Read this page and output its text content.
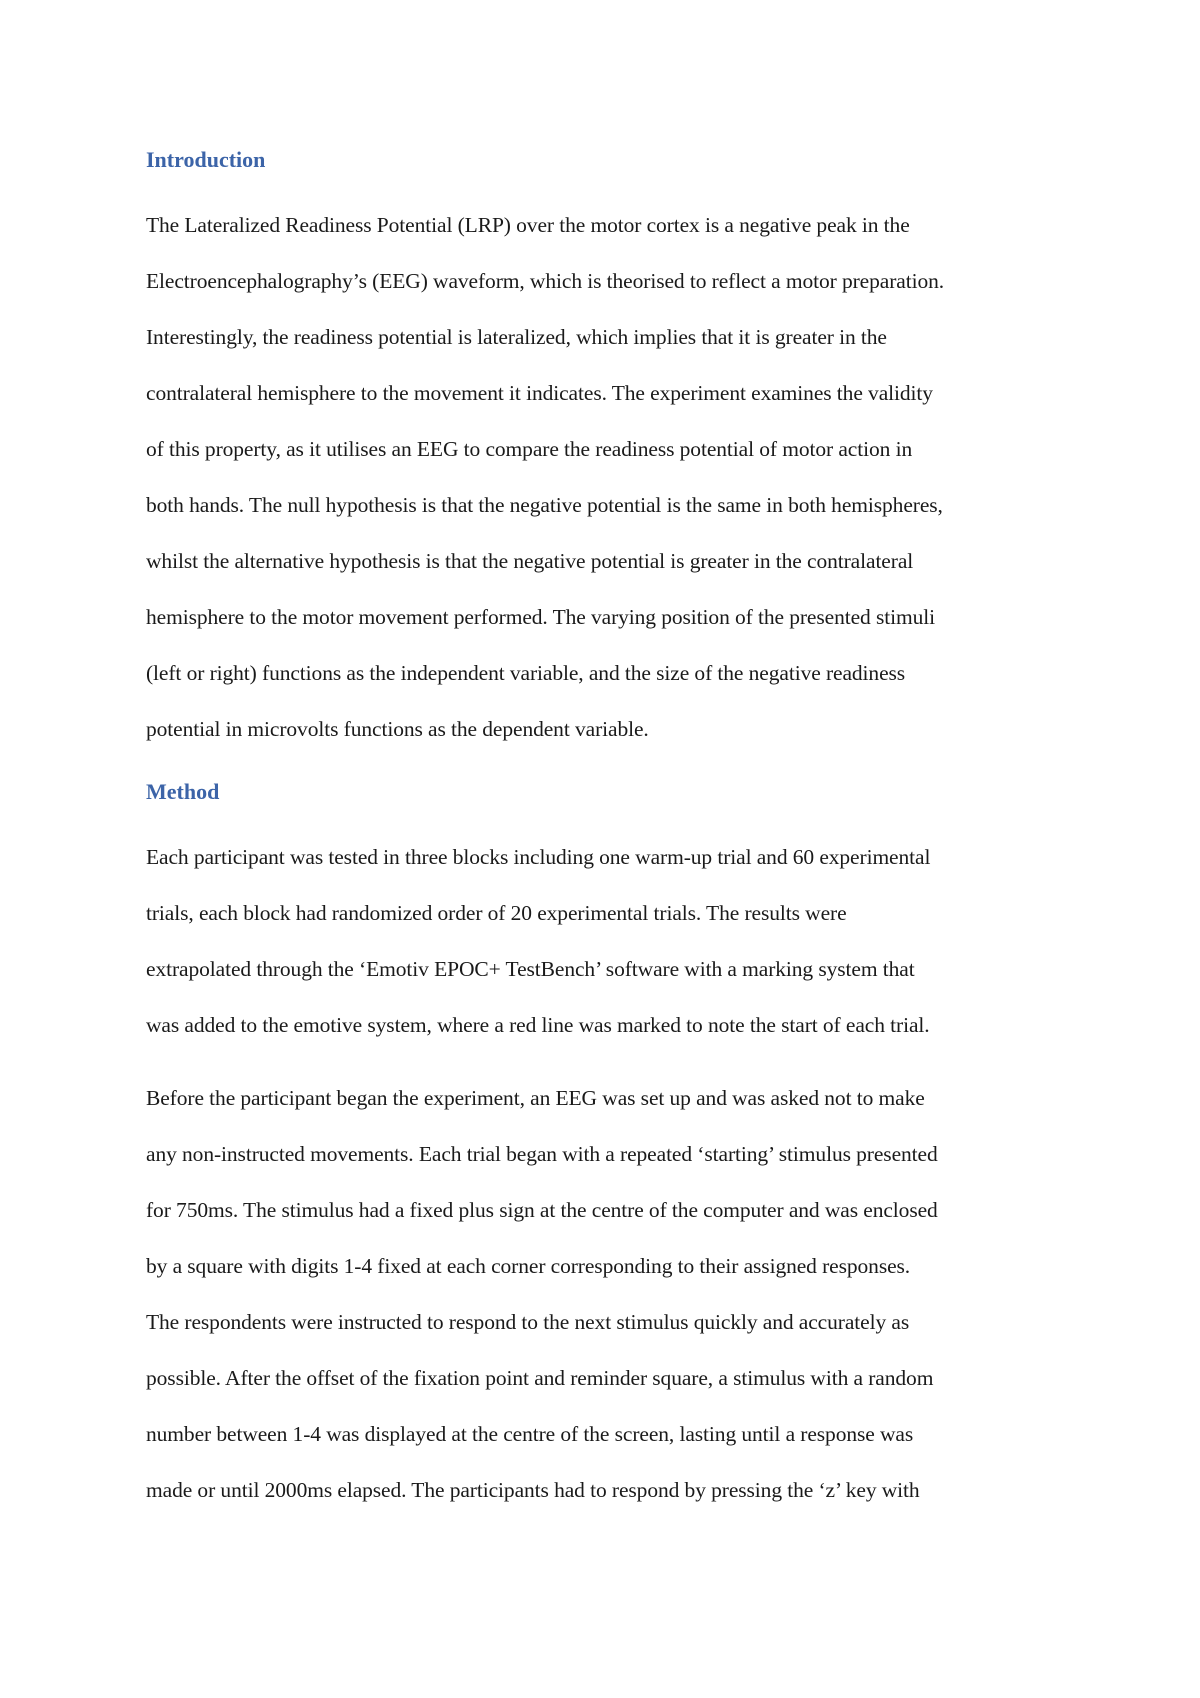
Introduction

The Lateralized Readiness Potential (LRP) over the motor cortex is a negative peak in the
Electroencephalography’s (EEG) waveform, which is theorised to reflect a motor preparation.
Interestingly, the readiness potential is lateralized, which implies that it is greater in the
contralateral hemisphere to the movement it indicates. The experiment examines the validity
of this property, as it utilises an EEG to compare the readiness potential of motor action in
both hands. The null hypothesis is that the negative potential is the same in both hemispheres,
whilst the alternative hypothesis is that the negative potential is greater in the contralateral
hemisphere to the motor movement performed. The varying position of the presented stimuli
(left or right) functions as the independent variable, and the size of the negative readiness
potential in microvolts functions as the dependent variable.

Method

Each participant was tested in three blocks including one warm-up trial and 60 experimental
trials, each block had randomized order of 20 experimental trials. The results were
extrapolated through the ‘Emotiv EPOC+ TestBench’ software with a marking system that
was added to the emotive system, where a red line was marked to note the start of each trial.

Before the participant began the experiment, an EEG was set up and was asked not to make
any non-instructed movements. Each trial began with a repeated ‘starting’ stimulus presented
for 750ms. The stimulus had a fixed plus sign at the centre of the computer and was enclosed
by a square with digits 1-4 fixed at each corner corresponding to their assigned responses.
The respondents were instructed to respond to the next stimulus quickly and accurately as
possible. After the offset of the fixation point and reminder square, a stimulus with a random
number between 1-4 was displayed at the centre of the screen, lasting until a response was
made or until 2000ms elapsed. The participants had to respond by pressing the ‘z’ key with
